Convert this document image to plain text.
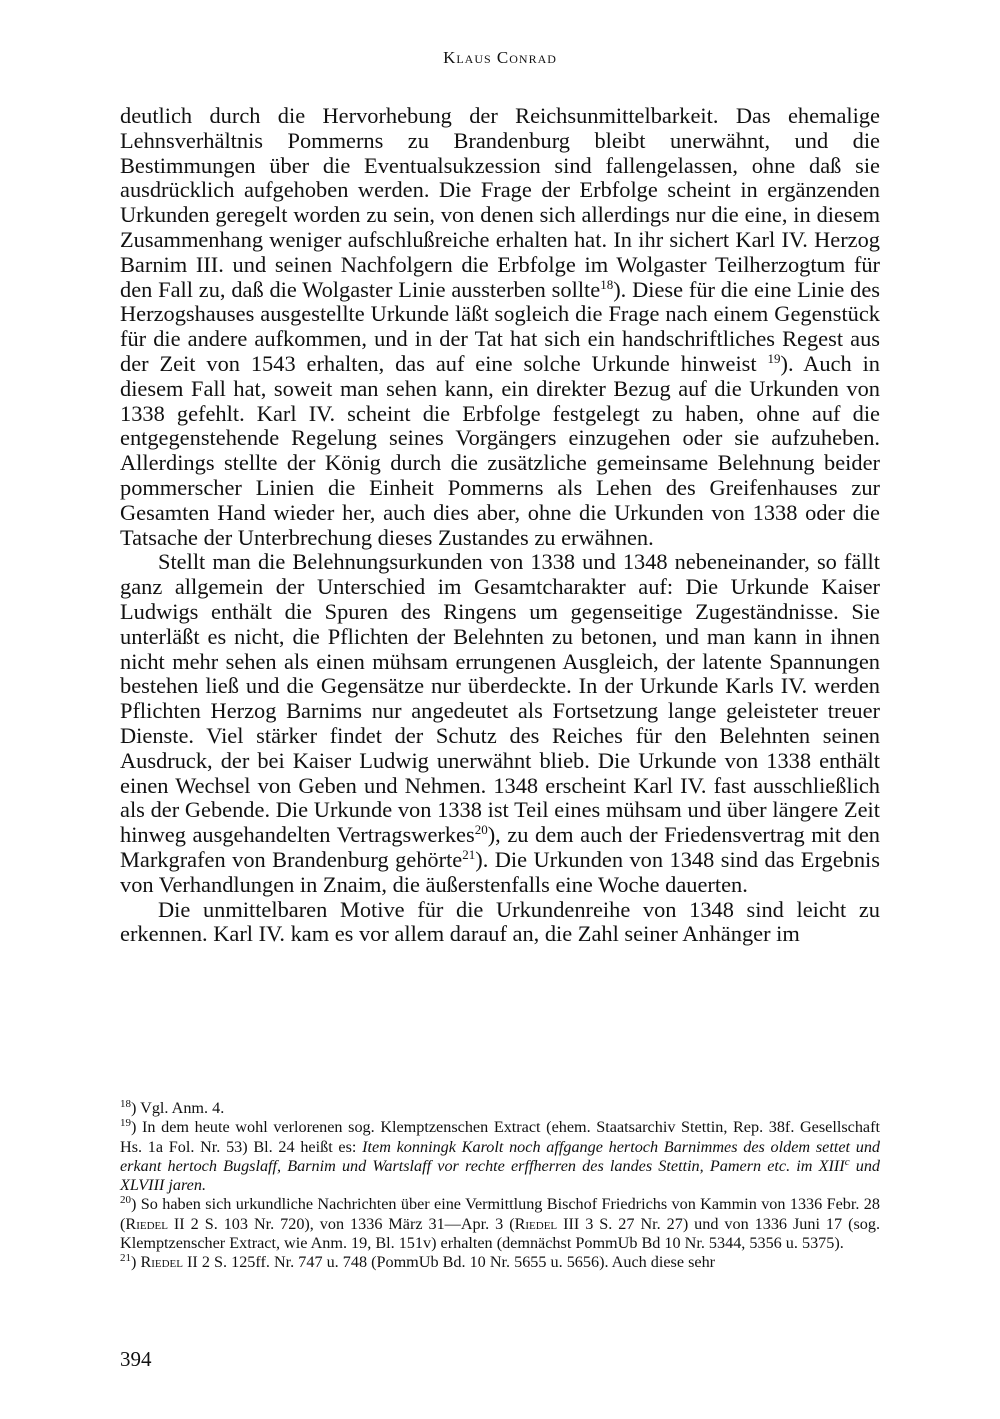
Klaus Conrad

deutlich durch die Hervorhebung der Reichsunmittelbarkeit. Das ehemalige Lehnsverhältnis Pommerns zu Brandenburg bleibt unerwähnt, und die Bestimmungen über die Eventualsukzession sind fallengelassen, ohne daß sie ausdrücklich aufgehoben werden. Die Frage der Erbfolge scheint in ergänzenden Urkunden geregelt worden zu sein, von denen sich allerdings nur die eine, in diesem Zusammenhang weniger aufschlußreiche erhalten hat. In ihr sichert Karl IV. Herzog Barnim III. und seinen Nachfolgern die Erbfolge im Wolgaster Teilherzogtum für den Fall zu, daß die Wolgaster Linie aussterben sollte$^{18}$). Diese für die eine Linie des Herzogshauses ausgestellte Urkunde läßt sogleich die Frage nach einem Gegenstück für die andere aufkommen, und in der Tat hat sich ein handschriftliches Regest aus der Zeit von 1543 erhalten, das auf eine solche Urkunde hinweist $^{19}$). Auch in diesem Fall hat, soweit man sehen kann, ein direkter Bezug auf die Urkunden von 1338 gefehlt. Karl IV. scheint die Erbfolge festgelegt zu haben, ohne auf die entgegenstehende Regelung seines Vorgängers einzugehen oder sie aufzuheben. Allerdings stellte der König durch die zusätzliche gemeinsame Belehnung beider pommerscher Linien die Einheit Pommerns als Lehen des Greifenhauses zur Gesamten Hand wieder her, auch dies aber, ohne die Urkunden von 1338 oder die Tatsache der Unterbrechung dieses Zustandes zu erwähnen.

Stellt man die Belehnungsurkunden von 1338 und 1348 nebeneinander, so fällt ganz allgemein der Unterschied im Gesamtcharakter auf: Die Urkunde Kaiser Ludwigs enthält die Spuren des Ringens um gegenseitige Zugeständnisse. Sie unterläßt es nicht, die Pflichten der Belehnten zu betonen, und man kann in ihnen nicht mehr sehen als einen mühsam errungenen Ausgleich, der latente Spannungen bestehen ließ und die Gegensätze nur überdeckte. In der Urkunde Karls IV. werden Pflichten Herzog Barnims nur angedeutet als Fortsetzung lange geleisteter treuer Dienste. Viel stärker findet der Schutz des Reiches für den Belehnten seinen Ausdruck, der bei Kaiser Ludwig unerwähnt blieb. Die Urkunde von 1338 enthält einen Wechsel von Geben und Nehmen. 1348 erscheint Karl IV. fast ausschließlich als der Gebende. Die Urkunde von 1338 ist Teil eines mühsam und über längere Zeit hinweg ausgehandelten Vertragswerkes$^{20}$), zu dem auch der Friedensvertrag mit den Markgrafen von Brandenburg gehörte$^{21}$). Die Urkunden von 1348 sind das Ergebnis von Verhandlungen in Znaim, die äußerstenfalls eine Woche dauerten.

Die unmittelbaren Motive für die Urkundenreihe von 1348 sind leicht zu erkennen. Karl IV. kam es vor allem darauf an, die Zahl seiner Anhänger im

$^{18}$) Vgl. Anm. 4.

$^{19}$) In dem heute wohl verlorenen sog. Klemptzenschen Extract (ehem. Staatsarchiv Stettin, Rep. 38f. Gesellschaft Hs. 1a Fol. Nr. 53) Bl. 24 heißt es: Item konningk Karolt noch affgange hertoch Barnimmes des oldem settet und erkant hertoch Bugslaff, Barnim und Wartslaff vor rechte erffherren des landes Stettin, Pamern etc. im XIII$^c$ und XLVIII jaren.

$^{20}$) So haben sich urkundliche Nachrichten über eine Vermittlung Bischof Friedrichs von Kammin von 1336 Febr. 28 (Riedel II 2 S. 103 Nr. 720), von 1336 März 31—Apr. 3 (Riedel III 3 S. 27 Nr. 27) und von 1336 Juni 17 (sog. Klemptzenscher Extract, wie Anm. 19, Bl. 151v) erhalten (demnächst PommUb Bd 10 Nr. 5344, 5356 u. 5375).

$^{21}$) Riedel II 2 S. 125ff. Nr. 747 u. 748 (PommUb Bd. 10 Nr. 5655 u. 5656). Auch diese sehr

394
